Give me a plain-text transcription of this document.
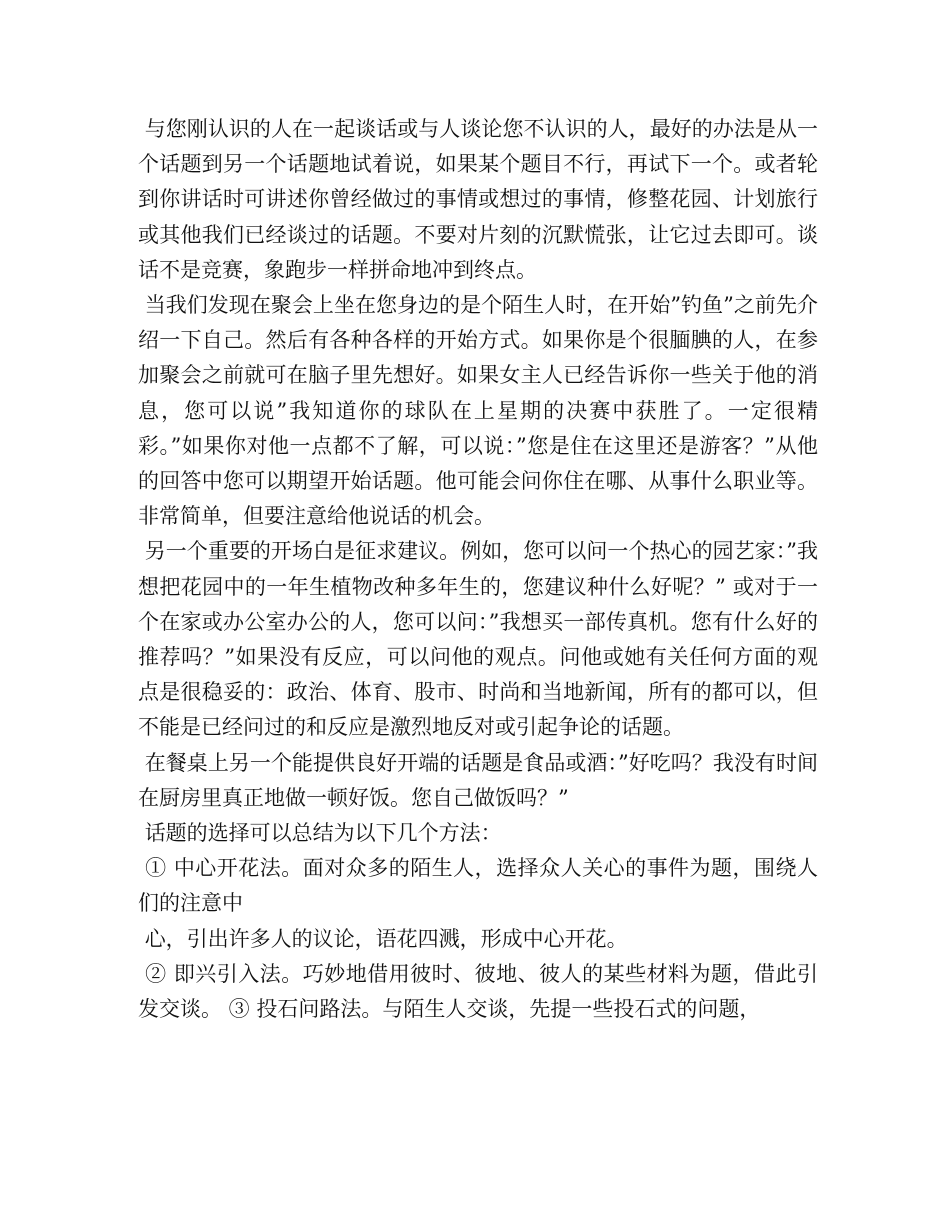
与您刚认识的人在一起谈话或与人谈论您不认识的人，最好的办法是从一个话题到另一个话题地试着说，如果某个题目不行，再试下一个。或者轮到你讲话时可讲述你曾经做过的事情或想过的事情，修整花园、计划旅行或其他我们已经谈过的话题。不要对片刻的沉默慌张，让它过去即可。谈话不是竞赛，象跑步一样拼命地冲到终点。

当我们发现在聚会上坐在您身边的是个陌生人时，在开始”钓鱼”之前先介绍一下自己。然后有各种各样的开始方式。如果你是个很腼腆的人，在参加聚会之前就可在脑子里先想好。如果女主人已经告诉你一些关于他的消息，您可以说”我知道你的球队在上星期的决赛中获胜了。一定很精彩。”如果你对他一点都不了解，可以说：”您是住在这里还是游客？”从他的回答中您可以期望开始话题。他可能会问你住在哪、从事什么职业等。非常简单，但要注意给他说话的机会。

另一个重要的开场白是征求建议。例如，您可以问一个热心的园艺家：”我想把花园中的一年生植物改种多年生的，您建议种什么好呢？” 或对于一个在家或办公室办公的人，您可以问：”我想买一部传真机。您有什么好的推荐吗？”如果没有反应，可以问他的观点。问他或她有关任何方面的观点是很稳妥的：政治、体育、股市、时尚和当地新闻，所有的都可以，但不能是已经问过的和反应是激烈地反对或引起争论的话题。

在餐桌上另一个能提供良好开端的话题是食品或酒：”好吃吗？我没有时间在厨房里真正地做一顿好饭。您自己做饭吗？”

话题的选择可以总结为以下几个方法：

① 中心开花法。面对众多的陌生人，选择众人关心的事件为题，围绕人们的注意中

心，引出许多人的议论，语花四溅，形成中心开花。

② 即兴引入法。巧妙地借用彼时、彼地、彼人的某些材料为题，借此引发交谈。 ③ 投石问路法。与陌生人交谈，先提一些投石式的问题，
